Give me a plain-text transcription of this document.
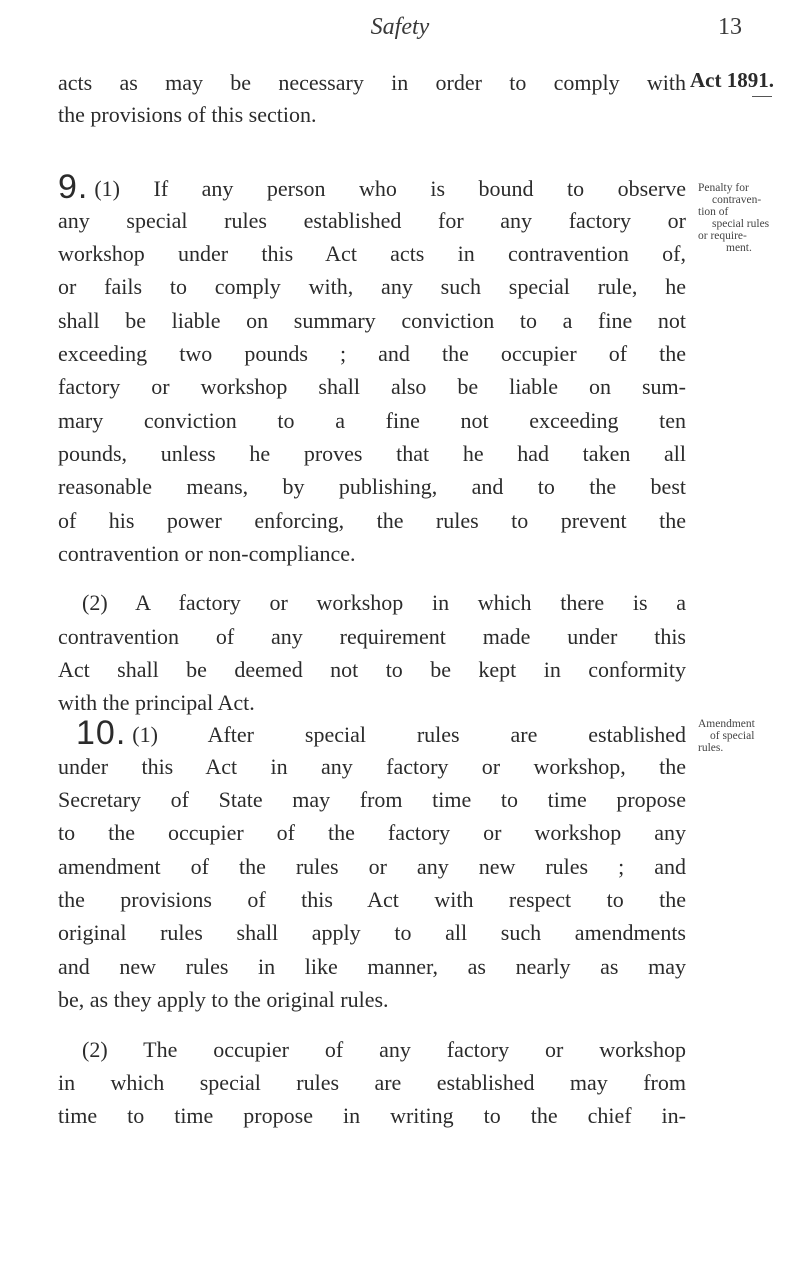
Safety	13
Act 1891.
Penalty for
contraven-
tion of
special rules
or require-
ment.
Amendment
of special
rules.
acts as may be necessary in order to comply with
the provisions of this section.
9. (1) If any person who is bound to observe
any special rules established for any factory or
workshop under this Act acts in contravention of,
or fails to comply with, any such special rule, he
shall be liable on summary conviction to a fine not
exceeding two pounds ; and the occupier of the
factory or workshop shall also be liable on sum-
mary conviction to a fine not exceeding ten
pounds, unless he proves that he had taken all
reasonable means, by publishing, and to the best
of his power enforcing, the rules to prevent the
contravention or non-compliance.
(2) A factory or workshop in which there is a
contravention of any requirement made under this
Act shall be deemed not to be kept in conformity
with the principal Act.
10. (1) After special rules are established
under this Act in any factory or workshop, the
Secretary of State may from time to time propose
to the occupier of the factory or workshop any
amendment of the rules or any new rules ; and
the provisions of this Act with respect to the
original rules shall apply to all such amendments
and new rules in like manner, as nearly as may
be, as they apply to the original rules.
(2) The occupier of any factory or workshop
in which special rules are established may from
time to time propose in writing to the chief in-
